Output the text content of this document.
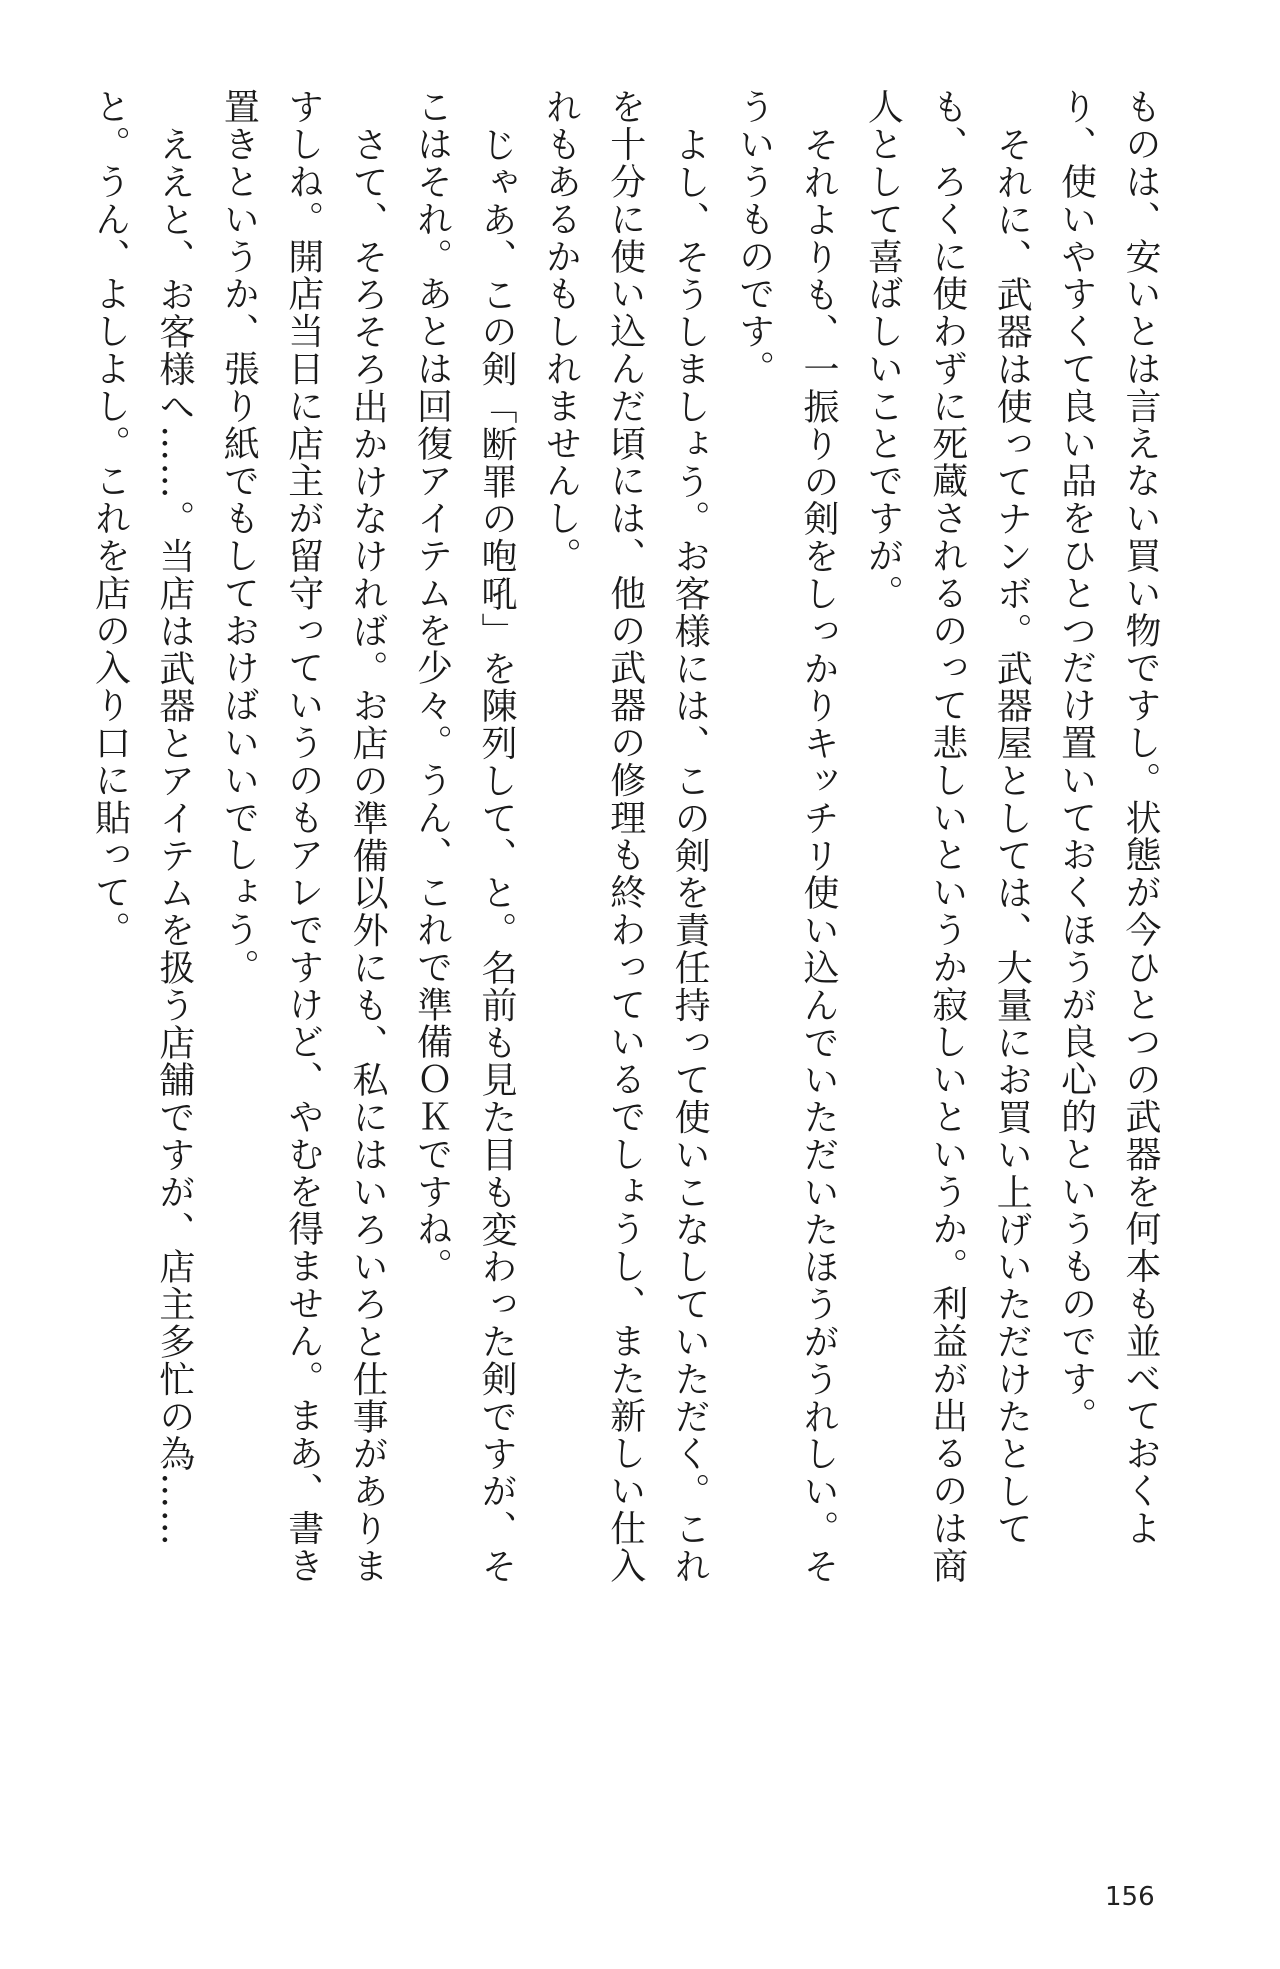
ものは、安いとは言えない買い物ですし。状態が今ひとつの武器を何本も並べておくよ
り、使いやすくて良い品をひとつだけ置いておくほうが良心的というものです。
それに、武器は使ってナンボ。武器屋としては、大量にお買い上げいただけたとして
も、ろくに使わずに死蔵されるのって悲しいというか寂しいというか。利益が出るのは商
人として喜ばしいことですが。
それよりも、一振りの剣をしっかりキッチリ使い込んでいただいたほうがうれしい。そ
ういうものです。
よし、そうしましょう。お客様には、この剣を責任持って使いこなしていただく。これ
を十分に使い込んだ頃には、他の武器の修理も終わっているでしょうし、また新しい仕入
れもあるかもしれませんし。
じゃあ、この剣「断罪の咆吼」を陳列して、と。名前も見た目も変わった剣ですが、そ
こはそれ。あとは回復アイテムを少々。うん、これで準備ＯＫですね。
さて、そろそろ出かけなければ。お店の準備以外にも、私にはいろいろと仕事がありま
すしね。開店当日に店主が留守っていうのもアレですけど、やむを得ません。まあ、書き
置きというか、張り紙でもしておけばいいでしょう。
ええと、お客様へ……。当店は武器とアイテムを扱う店舗ですが、店主多忙の為……
と。うん、よしよし。これを店の入り口に貼って。
156
